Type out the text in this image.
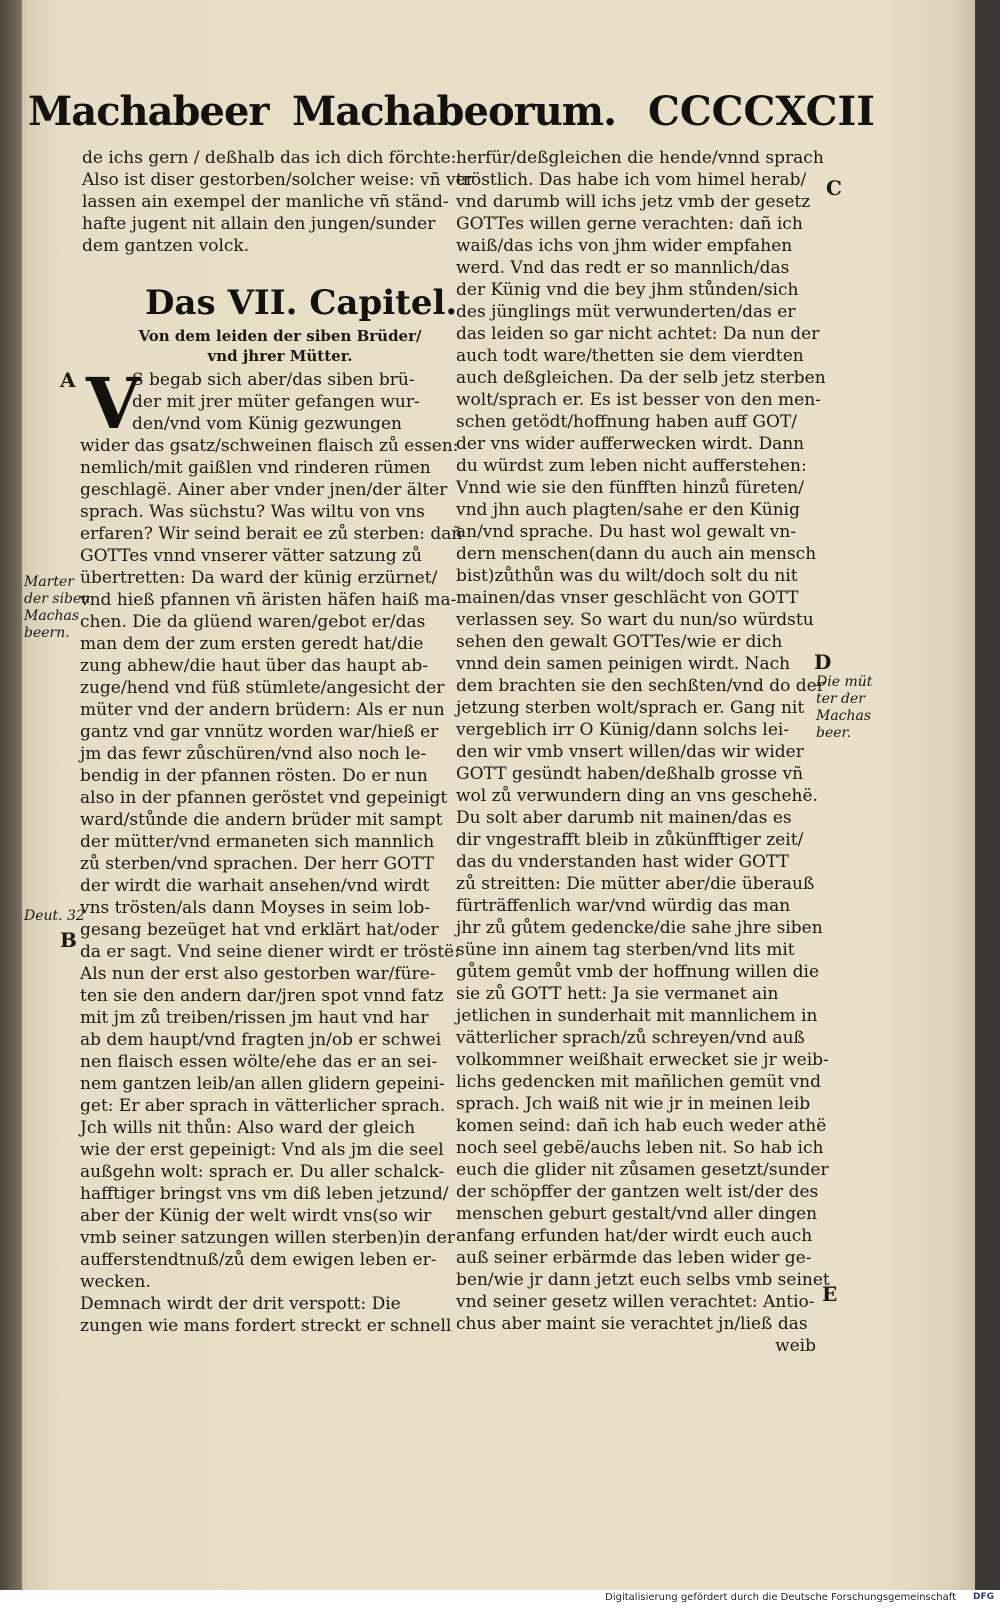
Machabeer Machabeorum. CCCCXCII

de ichs gern / deßhalb das ich dich förchte:

Also ist diser gestorben/solcher weise: vñ ver

lassen ain exempel der manliche vñ ständ-

hafte jugent nit allain den jungen/sunder

dem gantzen volck.

Das VII. Capitel.

Von dem leiden der siben Brüder/

vnd jhrer Mütter.

A V

S begab sich aber/das siben brü-

der mit jrer müter gefangen wur-

den/vnd vom Künig gezwungen

wider das gsatz/schweinen flaisch zů essen:

nemlich/mit gaißlen vnd rinderen rümen

geschlagë. Ainer aber vnder jnen/der älter

sprach. Was süchstu? Was wiltu von vns

erfaren? Wir seind berait ee zů sterben: dañ

GOTTes vnnd vnserer vätter satzung zů

übertretten: Da ward der künig erzürnet/

vnd hieß pfannen vñ äristen häfen haiß ma-

chen. Die da glüend waren/gebot er/das

man dem der zum ersten geredt hat/die

zung abhew/die haut über das haupt ab-

zuge/hend vnd füß stümlete/angesicht der

müter vnd der andern brüdern: Als er nun

gantz vnd gar vnnütz worden war/hieß er

jm das fewr zůschüren/vnd also noch le-

bendig in der pfannen rösten. Do er nun

also in der pfannen geröstet vnd gepeinigt

ward/stůnde die andern brüder mit sampt

der mütter/vnd ermaneten sich mannlich

zů sterben/vnd sprachen. Der herr GOTT

der wirdt die warhait ansehen/vnd wirdt

vns trösten/als dann Moyses in seim lob-

gesang bezeüget hat vnd erklärt hat/oder

da er sagt. Vnd seine diener wirdt er tröstë:

Als nun der erst also gestorben war/füre-

ten sie den andern dar/jren spot vnnd fatz

mit jm zů treiben/rissen jm haut vnd har

ab dem haupt/vnd fragten jn/ob er schwei

nen flaisch essen wölte/ehe das er an sei-

nem gantzen leib/an allen glidern gepeini-

get: Er aber sprach in vätterlicher sprach.

Jch wills nit thůn: Also ward der gleich

wie der erst gepeinigt: Vnd als jm die seel

außgehn wolt: sprach er. Du aller schalck-

hafftiger bringst vns vm diß leben jetzund/

aber der Künig der welt wirdt vns(so wir

vmb seiner satzungen willen sterben)in der

aufferstendtnuß/zů dem ewigen leben er-

wecken.

Demnach wirdt der drit verspott: Die

zungen wie mans fordert streckt er schnell

Marter

der siben

Machas

beern.

Deut. 32
B

herfür/deßgleichen die hende/vnnd sprach

tröstlich. Das habe ich vom himel herab/

vnd darumb will ichs jetz vmb der gesetz

GOTTes willen gerne verachten: dañ ich

waiß/das ichs von jhm wider empfahen

werd. Vnd das redt er so mannlich/das

der Künig vnd die bey jhm stůnden/sich

des jünglings müt verwunderten/das er

das leiden so gar nicht achtet: Da nun der

auch todt ware/thetten sie dem vierdten

auch deßgleichen. Da der selb jetz sterben

wolt/sprach er. Es ist besser von den men-

schen getödt/hoffnung haben auff GOT/

der vns wider aufferwecken wirdt. Dann

du würdst zum leben nicht aufferstehen:

Vnnd wie sie den fünfften hinzů füreten/

vnd jhn auch plagten/sahe er den Künig

an/vnd sprache. Du hast wol gewalt vn-

dern menschen(dann du auch ain mensch

bist)zůthůn was du wilt/doch solt du nit

mainen/das vnser geschlächt von GOTT

verlassen sey. So wart du nun/so würdstu

sehen den gewalt GOTTes/wie er dich

vnnd dein samen peinigen wirdt. Nach

dem brachten sie den sechßten/vnd do der

jetzung sterben wolt/sprach er. Gang nit

vergeblich irr O Künig/dann solchs lei-

den wir vmb vnsert willen/das wir wider

GOTT gesündt haben/deßhalb grosse vñ

wol zů verwundern ding an vns geschehë.

Du solt aber darumb nit mainen/das es

dir vngestrafft bleib in zůkünfftiger zeit/

das du vnderstanden hast wider GOTT

zů streitten: Die mütter aber/die überauß

fürträffenlich war/vnd würdig das man

jhr zů gůtem gedencke/die sahe jhre siben

süne inn ainem tag sterben/vnd lits mit

gůtem gemůt vmb der hoffnung willen die

sie zů GOTT hett: Ja sie vermanet ain

jetlichen in sunderhait mit mannlichem in

vätterlicher sprach/zů schreyen/vnd auß

volkommner weißhait erwecket sie jr weib-

lichs gedencken mit mañlichen gemüt vnd

sprach. Jch waiß nit wie jr in meinen leib

komen seind: dañ ich hab euch weder athë

noch seel gebë/auchs leben nit. So hab ich

euch die glider nit zůsamen gesetzt/sunder

der schöpffer der gantzen welt ist/der des

menschen geburt gestalt/vnd aller dingen

anfang erfunden hat/der wirdt euch auch

auß seiner erbärmde das leben wider ge-

ben/wie jr dann jetzt euch selbs vmb seinet

vnd seiner gesetz willen verachtet: Antio-

chus aber maint sie verachtet jn/ließ das

weib

C
D

Die müt

ter der

Machas

beer.

E
Digitalisierung gefördert durch die Deutsche Forschungsgemeinschaft DFG
